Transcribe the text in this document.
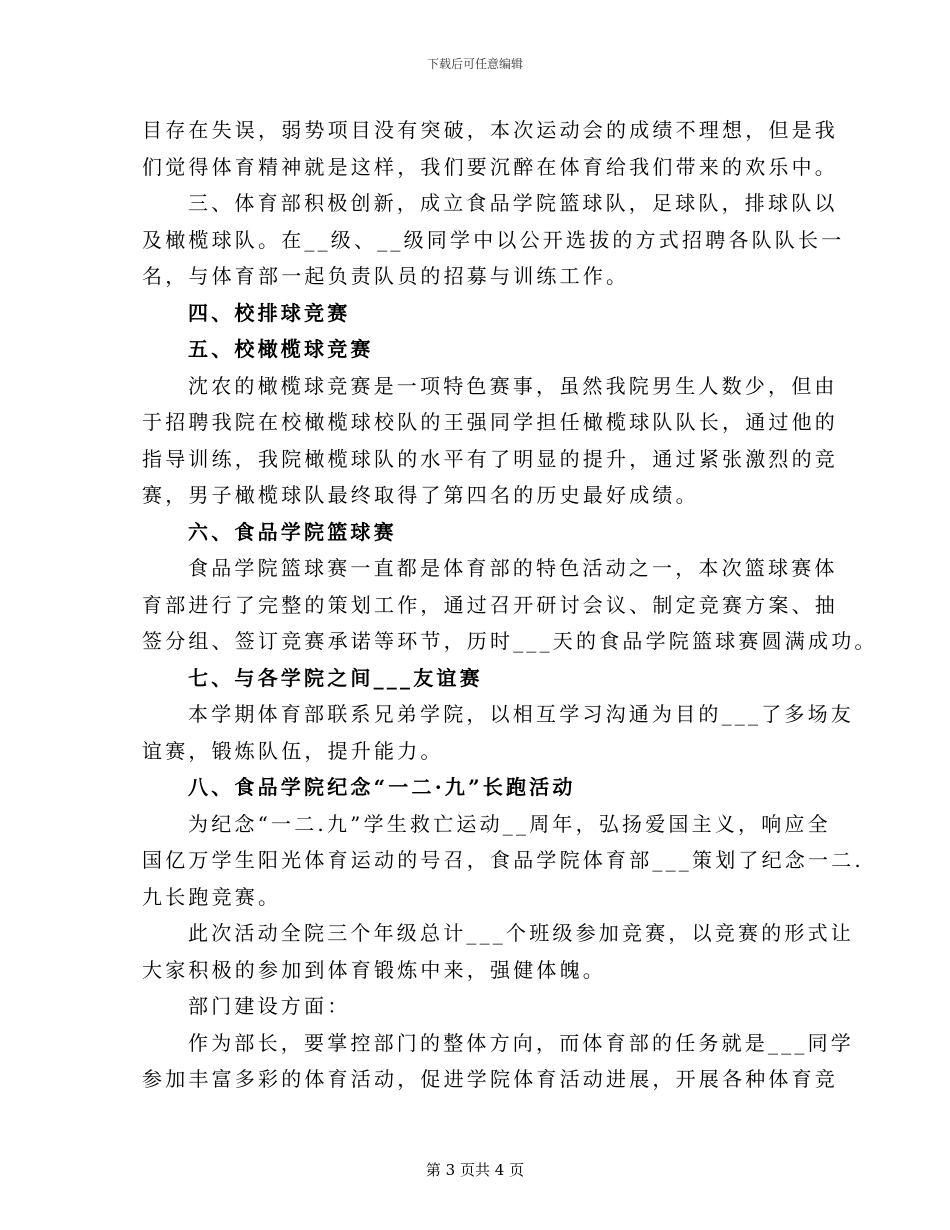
下载后可任意编辑
目存在失误，弱势项目没有突破，本次运动会的成绩不理想，但是我
们觉得体育精神就是这样，我们要沉醉在体育给我们带来的欢乐中。
三、体育部积极创新，成立食品学院篮球队，足球队，排球队以
及橄榄球队。在__级、__级同学中以公开选拔的方式招聘各队队长一
名，与体育部一起负责队员的招募与训练工作。
四、校排球竞赛
五、校橄榄球竞赛
沈农的橄榄球竞赛是一项特色赛事，虽然我院男生人数少，但由
于招聘我院在校橄榄球校队的王强同学担任橄榄球队队长，通过他的
指导训练，我院橄榄球队的水平有了明显的提升，通过紧张激烈的竞
赛，男子橄榄球队最终取得了第四名的历史最好成绩。
六、食品学院篮球赛
食品学院篮球赛一直都是体育部的特色活动之一，本次篮球赛体
育部进行了完整的策划工作，通过召开研讨会议、制定竞赛方案、抽
签分组、签订竞赛承诺等环节，历时___天的食品学院篮球赛圆满成功。
七、与各学院之间___友谊赛
本学期体育部联系兄弟学院，以相互学习沟通为目的___了多场友
谊赛，锻炼队伍，提升能力。
八、食品学院纪念“一二·九”长跑活动
为纪念“一二.九”学生救亡运动__周年，弘扬爱国主义，响应全
国亿万学生阳光体育运动的号召，食品学院体育部___策划了纪念一二.
九长跑竞赛。
此次活动全院三个年级总计___个班级参加竞赛，以竞赛的形式让
大家积极的参加到体育锻炼中来，强健体魄。
部门建设方面：
作为部长，要掌控部门的整体方向，而体育部的任务就是___同学
参加丰富多彩的体育活动，促进学院体育活动进展，开展各种体育竞
第 3 页共 4 页
